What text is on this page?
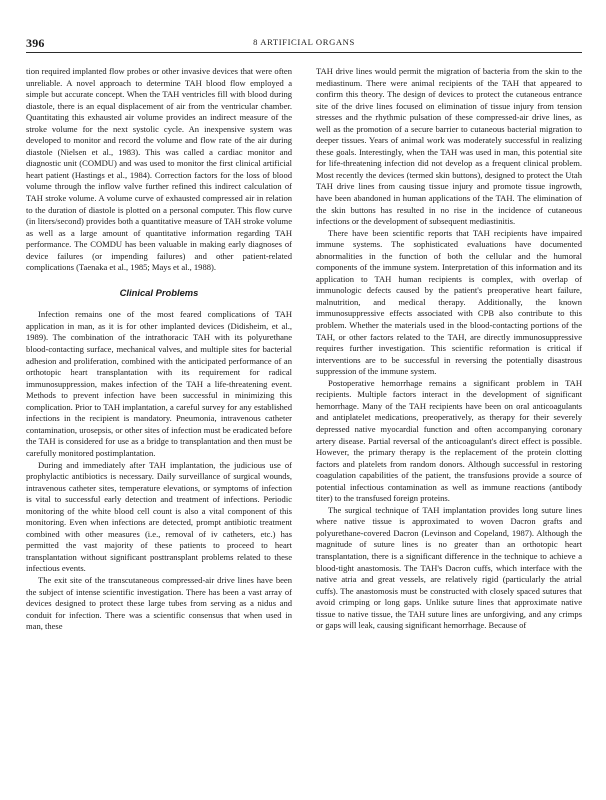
396	8 ARTIFICIAL ORGANS

tion required implanted flow probes or other invasive devices that were often unreliable. A novel approach to determine TAH blood flow employed a simple but accurate concept. When the TAH ventricles fill with blood during diastole, there is an equal displacement of air from the ventricular chamber. Quantitating this exhausted air volume provides an indirect measure of the stroke volume for the next systolic cycle. An inexpensive system was developed to monitor and record the volume and flow rate of the air during diastole (Nielsen et al., 1983). This was called a cardiac monitor and diagnostic unit (COMDU) and was used to monitor the first clinical artificial heart patient (Hastings et al., 1984). Correction factors for the loss of blood volume through the inflow valve further refined this indirect calculation of TAH stroke volume. A volume curve of exhausted compressed air in relation to the duration of diastole is plotted on a personal computer. This flow curve (in liters/second) provides both a quantitative measure of TAH stroke volume as well as a large amount of quantitative information regarding TAH performance. The COMDU has been valuable in making early diagnoses of device failures (or impending failures) and other patient-related complications (Taenaka et al., 1985; Mays et al., 1988).

Clinical Problems

Infection remains one of the most feared complications of TAH application in man, as it is for other implanted devices (Didisheim, et al., 1989). The combination of the intrathoracic TAH with its polyurethane blood-contacting surface, mechanical valves, and multiple sites for bacterial adhesion and proliferation, combined with the anticipated performance of an orthotopic heart transplantation with its requirement for radical immunosuppression, makes infection of the TAH a life-threatening event. Methods to prevent infection have been successful in minimizing this complication. Prior to TAH implantation, a careful survey for any established infections in the recipient is mandatory. Pneumonia, intravenous catheter contamination, urosepsis, or other sites of infection must be eradicated before the TAH is considered for use as a bridge to transplantation and then must be carefully monitored postimplantation.

During and immediately after TAH implantation, the judicious use of prophylactic antibiotics is necessary. Daily surveillance of surgical wounds, intravenous catheter sites, temperature elevations, or symptoms of infection is vital to successful early detection and treatment of infections. Periodic monitoring of the white blood cell count is also a vital component of this monitoring. Even when infections are detected, prompt antibiotic treatment combined with other measures (i.e., removal of iv catheters, etc.) has permitted the vast majority of these patients to proceed to heart transplantation without significant posttransplant problems related to these infectious events.

The exit site of the transcutaneous compressed-air drive lines have been the subject of intense scientific investigation. There has been a vast array of devices designed to protect these large tubes from serving as a nidus and conduit for infection. There was a scientific consensus that when used in man, these

TAH drive lines would permit the migration of bacteria from the skin to the mediastinum. There were animal recipients of the TAH that appeared to confirm this theory. The design of devices to protect the cutaneous entrance site of the drive lines focused on elimination of tissue injury from tension stresses and the rhythmic pulsation of these compressed-air drive lines, as well as the promotion of a secure barrier to cutaneous bacterial migration to deeper tissues. Years of animal work was moderately successful in realizing these goals. Interestingly, when the TAH was used in man, this potential site for life-threatening infection did not develop as a frequent clinical problem. Most recently the devices (termed skin buttons), designed to protect the Utah TAH drive lines from causing tissue injury and promote tissue ingrowth, have been abandoned in human applications of the TAH. The elimination of the skin buttons has resulted in no rise in the incidence of cutaneous infections or the development of subsequent mediastinitis.

There have been scientific reports that TAH recipients have impaired immune systems. The sophisticated evaluations have documented abnormalities in the function of both the cellular and the humoral components of the immune system. Interpretation of this information and its application to TAH human recipients is complex, with overlap of immunologic defects caused by the patient's preoperative heart failure, malnutrition, and medical therapy. Additionally, the known immunosuppressive effects associated with CPB also contribute to this problem. Whether the materials used in the blood-contacting portions of the TAH, or other factors related to the TAH, are directly immunosuppressive requires further investigation. This scientific reformation is critical if interventions are to be successful in reversing the potentially disastrous suppression of the immune system.

Postoperative hemorrhage remains a significant problem in TAH recipients. Multiple factors interact in the development of significant hemorrhage. Many of the TAH recipients have been on oral anticoagulants and antiplatelet medications, preoperatively, as therapy for their severely depressed native myocardial function and often accompanying coronary artery disease. Partial reversal of the anticoagulant's direct effect is possible. However, the primary therapy is the replacement of the protein clotting factors and platelets from random donors. Although successful in restoring coagulation capabilities of the patient, the transfusions provide a source of potential infectious contamination as well as immune reactions (antibody titer) to the transfused foreign proteins.

The surgical technique of TAH implantation provides long suture lines where native tissue is approximated to woven Dacron grafts and polyurethane-covered Dacron (Levinson and Copeland, 1987). Although the magnitude of suture lines is no greater than an orthotopic heart transplantation, there is a significant difference in the technique to achieve a blood-tight anastomosis. The TAH's Dacron cuffs, which interface with the native atria and great vessels, are relatively rigid (particularly the atrial cuffs). The anastomosis must be constructed with closely spaced sutures that avoid crimping or long gaps. Unlike suture lines that approximate native tissue to native tissue, the TAH suture lines are unforgiving, and any crimps or gaps will leak, causing significant hemorrhage. Because of
